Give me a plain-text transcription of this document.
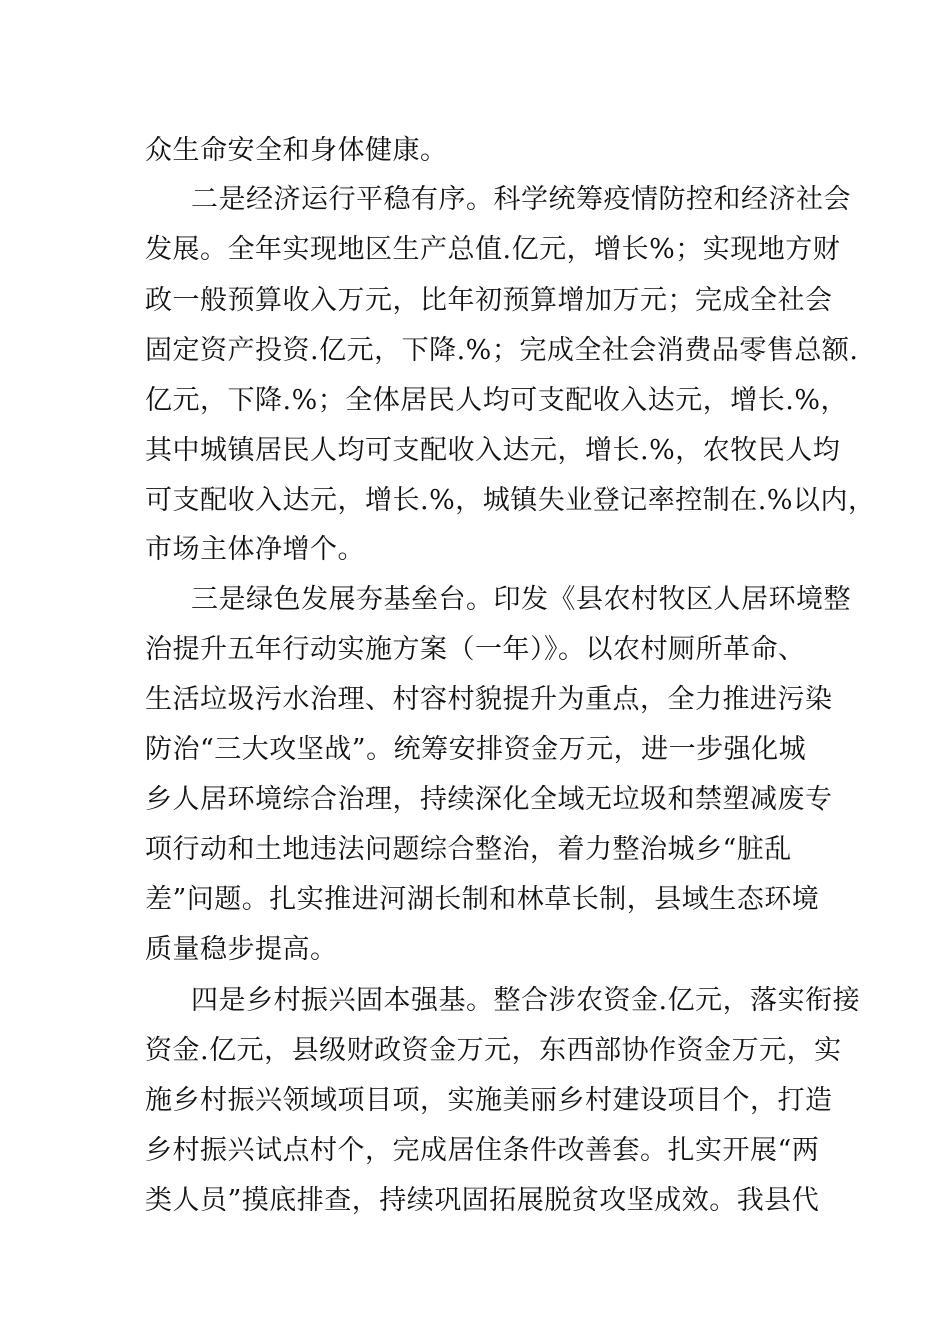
众生命安全和身体健康。
二是经济运行平稳有序。科学统筹疫情防控和经济社会
发展。全年实现地区生产总值.亿元，增长%；实现地方财
政一般预算收入万元，比年初预算增加万元；完成全社会
固定资产投资.亿元，下降.%；完成全社会消费品零售总额.
亿元，下降.%；全体居民人均可支配收入达元，增长.%，
其中城镇居民人均可支配收入达元，增长.%，农牧民人均
可支配收入达元，增长.%，城镇失业登记率控制在.%以内，
市场主体净增个。
三是绿色发展夯基垒台。印发《县农村牧区人居环境整
治提升五年行动实施方案（一年）》。以农村厕所革命、
生活垃圾污水治理、村容村貌提升为重点，全力推进污染
防治“三大攻坚战”。统筹安排资金万元，进一步强化城
乡人居环境综合治理，持续深化全域无垃圾和禁塑减废专
项行动和土地违法问题综合整治，着力整治城乡“脏乱
差”问题。扎实推进河湖长制和林草长制，县域生态环境
质量稳步提高。
四是乡村振兴固本强基。整合涉农资金.亿元，落实衔接
资金.亿元，县级财政资金万元，东西部协作资金万元，实
施乡村振兴领域项目项，实施美丽乡村建设项目个，打造
乡村振兴试点村个，完成居住条件改善套。扎实开展“两
类人员”摸底排查，持续巩固拓展脱贫攻坚成效。我县代
